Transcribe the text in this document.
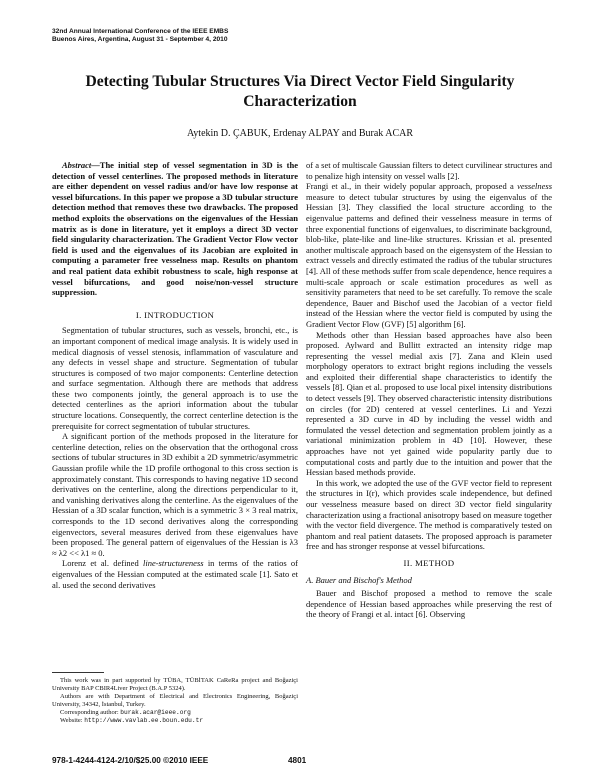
32nd Annual International Conference of the IEEE EMBS
Buenos Aires, Argentina, August 31 - September 4, 2010
Detecting Tubular Structures Via Direct Vector Field Singularity Characterization
Aytekin D. ÇABUK, Erdenay ALPAY and Burak ACAR

Abstract—The initial step of vessel segmentation in 3D is the detection of vessel centerlines. The proposed methods in literature are either dependent on vessel radius and/or have low response at vessel bifurcations. In this paper we propose a 3D tubular structure detection method that removes these two drawbacks. The proposed method exploits the observations on the eigenvalues of the Hessian matrix as is done in literature, yet it employs a direct 3D vector field singularity characterization. The Gradient Vector Flow vector field is used and the eigenvalues of its Jacobian are exploited in computing a parameter free vesselness map. Results on phantom and real patient data exhibit robustness to scale, high response at vessel bifurcations, and good noise/non-vessel structure suppression.

I. INTRODUCTION

Segmentation of tubular structures, such as vessels, bronchi, etc., is an important component of medical image analysis. It is widely used in medical diagnosis of vessel stenosis, inflammation of vasculature and any defects in vessel shape and structure. Segmentation of tubular structures is composed of two major components: Centerline detection and surface segmentation. Although there are methods that address these two components jointly, the general approach is to use the detected centerlines as the apriori information about the tubular structure locations. Consequently, the correct centerline detection is the prerequisite for correct segmentation of tubular structures.

A significant portion of the methods proposed in the literature for centerline detection, relies on the observation that the orthogonal cross sections of tubular structures in 3D exhibit a 2D symmetric/asymmetric Gaussian profile while the 1D profile orthogonal to this cross section is approximately constant. This corresponds to having negative 1D second derivatives on the centerline, along the directions perpendicular to it, and vanishing derivatives along the centerline. As the eigenvalues of the Hessian of a 3D scalar function, which is a symmetric 3 × 3 real matrix, corresponds to the 1D second derivatives along the corresponding eigenvectors, several measures derived from these eigenvalues have been proposed. The general pattern of eigenvalues of the Hessian is λ3 ≈ λ2 << λ1 ≈ 0.

Lorenz et al. defined line-structureness in terms of the ratios of eigenvalues of the Hessian computed at the estimated scale [1]. Sato et al. used the second derivatives

of a set of multiscale Gaussian filters to detect curvilinear structures and to penalize high intensity on vessel walls [2].

Frangi et al., in their widely popular approach, proposed a vesselness measure to detect tubular structures by using the eigenvalus of the Hessian [3]. They classified the local structure according to the eigenvalue patterns and defined their vesselness measure in terms of three exponential functions of eigenvalues, to discriminate background, blob-like, plate-like and line-like structures. Krissian et al. presented another multiscale approach based on the eigensystem of the Hessian to extract vessels and directly estimated the radius of the tubular structures [4]. All of these methods suffer from scale dependence, hence requires a multi-scale approach or scale estimation procedures as well as sensitivity parameters that need to be set carefully. To remove the scale dependence, Bauer and Bischof used the Jacobian of a vector field instead of the Hessian where the vector field is computed by using the Gradient Vector Flow (GVF) [5] algorithm [6].

Methods other than Hessian based approaches have also been proposed. Aylward and Bullitt extracted an intensity ridge map representing the vessel medial axis [7]. Zana and Klein used morphology operators to extract bright regions including the vessels and exploited their differential shape characteristics to identify the vessels [8]. Qian et al. proposed to use local pixel intensity distributions to detect vessels [9]. They observed characteristic intensity distributions on circles (for 2D) centered at vessel centerlines. Li and Yezzi represented a 3D curve in 4D by including the vessel width and formulated the vessel detection and segmentation problem jointly as a variational minimization problem in 4D [10]. However, these approaches have not yet gained wide popularity partly due to computational costs and partly due to the intuition and power that the Hessian based methods provide.

In this work, we adopted the use of the GVF vector field to represent the structures in I(r), which provides scale independence, but defined our vesselness measure based on direct 3D vector field singularity characterization using a fractional anisotropy based on measure together with the vector field divergence. The method is comparatively tested on phantom and real patient datasets. The proposed approach is parameter free and has stronger response at vessel bifurcations.

II. METHOD
A. Bauer and Bischof's Method

Bauer and Bischof proposed a method to remove the scale dependence of Hessian based approaches while preserving the rest of the theory of Frangi et al. intact [6]. Observing

This work was in part supported by TÜBA, TÜBİTAK CaReRa project and Boğaziçi University BAP CBIR4Liver Project (B.A.P 5324).

Authors are with Department of Electrical and Electronics Engineering, Boğaziçi University, 34342, İstanbul, Turkey.

Corresponding author: burak.acar@ieee.org

Website: http://www.vavlab.ee.boun.edu.tr

978-1-4244-4124-2/10/$25.00 ©2010 IEEE	4801
